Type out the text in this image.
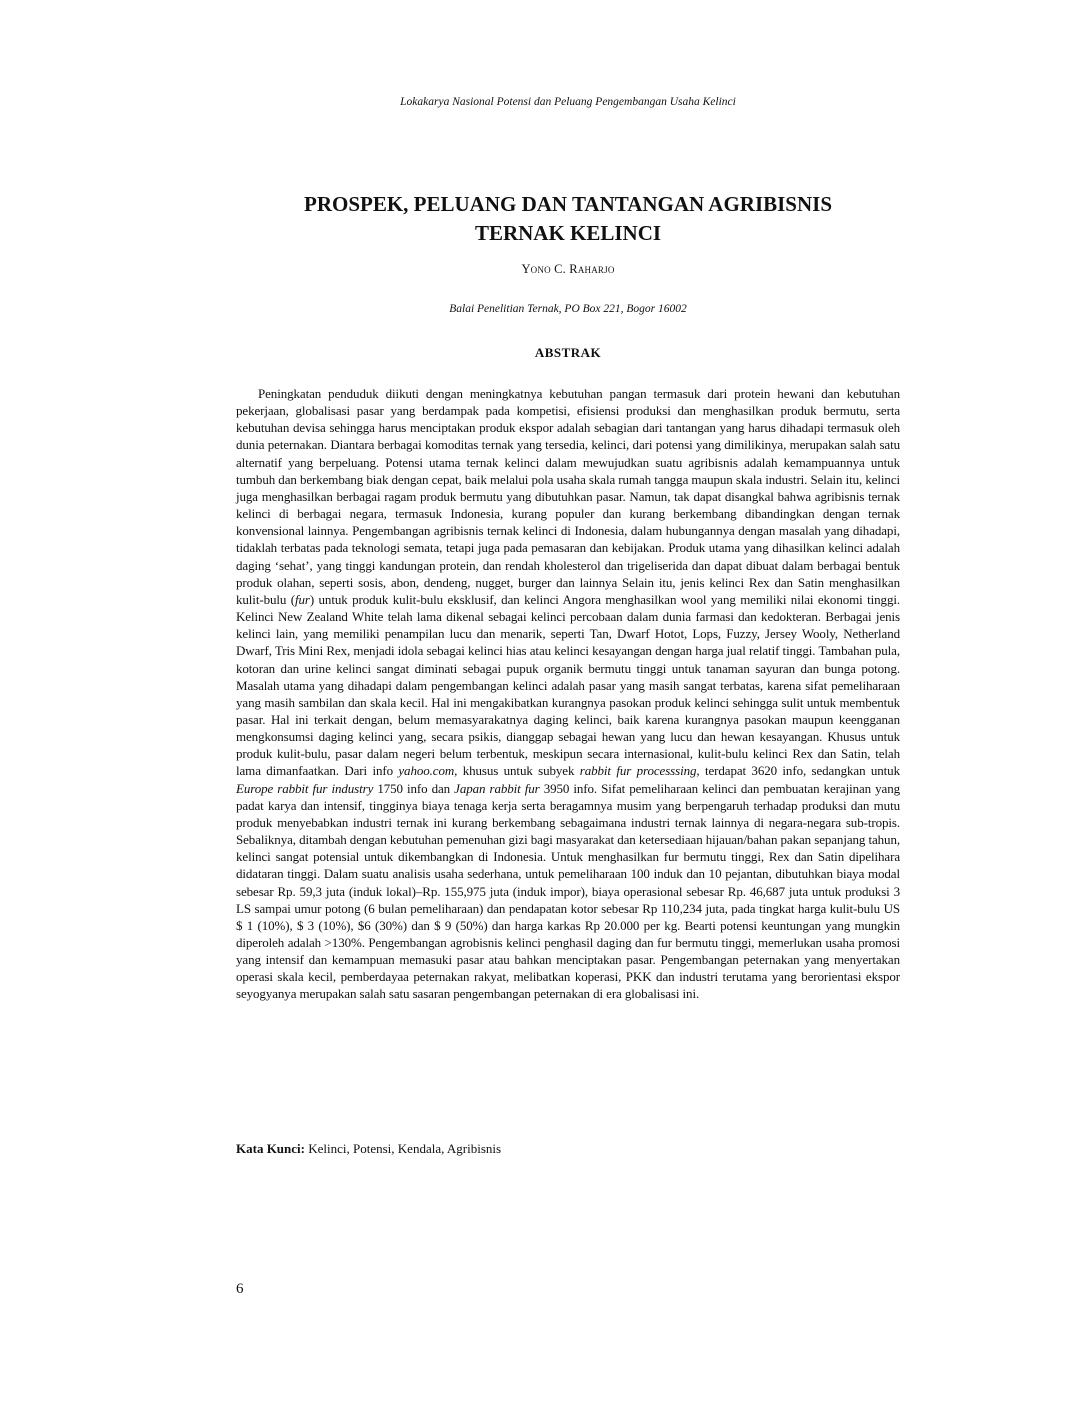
Lokakarya Nasional Potensi dan Peluang Pengembangan Usaha Kelinci
PROSPEK, PELUANG DAN TANTANGAN AGRIBISNIS
TERNAK KELINCI
Yono C. Raharjo
Balai Penelitian Ternak, PO Box 221, Bogor 16002
ABSTRAK

Peningkatan penduduk diikuti dengan meningkatnya kebutuhan pangan termasuk dari protein hewani dan kebutuhan pekerjaan, globalisasi pasar yang berdampak pada kompetisi, efisiensi produksi dan menghasilkan produk bermutu, serta kebutuhan devisa sehingga harus menciptakan produk ekspor adalah sebagian dari tantangan yang harus dihadapi termasuk oleh dunia peternakan. Diantara berbagai komoditas ternak yang tersedia, kelinci, dari potensi yang dimilikinya, merupakan salah satu alternatif yang berpeluang. Potensi utama ternak kelinci dalam mewujudkan suatu agribisnis adalah kemampuannya untuk tumbuh dan berkembang biak dengan cepat, baik melalui pola usaha skala rumah tangga maupun skala industri. Selain itu, kelinci juga menghasilkan berbagai ragam produk bermutu yang dibutuhkan pasar. Namun, tak dapat disangkal bahwa agribisnis ternak kelinci di berbagai negara, termasuk Indonesia, kurang populer dan kurang berkembang dibandingkan dengan ternak konvensional lainnya. Pengembangan agribisnis ternak kelinci di Indonesia, dalam hubungannya dengan masalah yang dihadapi, tidaklah terbatas pada teknologi semata, tetapi juga pada pemasaran dan kebijakan. Produk utama yang dihasilkan kelinci adalah daging ‘sehat’, yang tinggi kandungan protein, dan rendah kholesterol dan trigeliserida dan dapat dibuat dalam berbagai bentuk produk olahan, seperti sosis, abon, dendeng, nugget, burger dan lainnya Selain itu, jenis kelinci Rex dan Satin menghasilkan kulit-bulu (fur) untuk produk kulit-bulu eksklusif, dan kelinci Angora menghasilkan wool yang memiliki nilai ekonomi tinggi. Kelinci New Zealand White telah lama dikenal sebagai kelinci percobaan dalam dunia farmasi dan kedokteran. Berbagai jenis kelinci lain, yang memiliki penampilan lucu dan menarik, seperti Tan, Dwarf Hotot, Lops, Fuzzy, Jersey Wooly, Netherland Dwarf, Tris Mini Rex, menjadi idola sebagai kelinci hias atau kelinci kesayangan dengan harga jual relatif tinggi. Tambahan pula, kotoran dan urine kelinci sangat diminati sebagai pupuk organik bermutu tinggi untuk tanaman sayuran dan bunga potong. Masalah utama yang dihadapi dalam pengembangan kelinci adalah pasar yang masih sangat terbatas, karena sifat pemeliharaan yang masih sambilan dan skala kecil. Hal ini mengakibatkan kurangnya pasokan produk kelinci sehingga sulit untuk membentuk pasar. Hal ini terkait dengan, belum memasyarakatnya daging kelinci, baik karena kurangnya pasokan maupun keengganan mengkonsumsi daging kelinci yang, secara psikis, dianggap sebagai hewan yang lucu dan hewan kesayangan. Khusus untuk produk kulit-bulu, pasar dalam negeri belum terbentuk, meskipun secara internasional, kulit-bulu kelinci Rex dan Satin, telah lama dimanfaatkan. Dari info yahoo.com, khusus untuk subyek rabbit fur processsing, terdapat 3620 info, sedangkan untuk Europe rabbit fur industry 1750 info dan Japan rabbit fur 3950 info. Sifat pemeliharaan kelinci dan pembuatan kerajinan yang padat karya dan intensif, tingginya biaya tenaga kerja serta beragamnya musim yang berpengaruh terhadap produksi dan mutu produk menyebabkan industri ternak ini kurang berkembang sebagaimana industri ternak lainnya di negara-negara sub-tropis. Sebaliknya, ditambah dengan kebutuhan pemenuhan gizi bagi masyarakat dan ketersediaan hijauan/bahan pakan sepanjang tahun, kelinci sangat potensial untuk dikembangkan di Indonesia. Untuk menghasilkan fur bermutu tinggi, Rex dan Satin dipelihara didataran tinggi. Dalam suatu analisis usaha sederhana, untuk pemeliharaan 100 induk dan 10 pejantan, dibutuhkan biaya modal sebesar Rp. 59,3 juta (induk lokal)–Rp. 155,975 juta (induk impor), biaya operasional sebesar Rp. 46,687 juta untuk produksi 3 LS sampai umur potong (6 bulan pemeliharaan) dan pendapatan kotor sebesar Rp 110,234 juta, pada tingkat harga kulit-bulu US $ 1 (10%), $ 3 (10%), $6 (30%) dan $ 9 (50%) dan harga karkas Rp 20.000 per kg. Bearti potensi keuntungan yang mungkin diperoleh adalah >130%. Pengembangan agrobisnis kelinci penghasil daging dan fur bermutu tinggi, memerlukan usaha promosi yang intensif dan kemampuan memasuki pasar atau bahkan menciptakan pasar. Pengembangan peternakan yang menyertakan operasi skala kecil, pemberdayaa peternakan rakyat, melibatkan koperasi, PKK dan industri terutama yang berorientasi ekspor seyogyanya merupakan salah satu sasaran pengembangan peternakan di era globalisasi ini.

Kata Kunci: Kelinci, Potensi, Kendala, Agribisnis
6
